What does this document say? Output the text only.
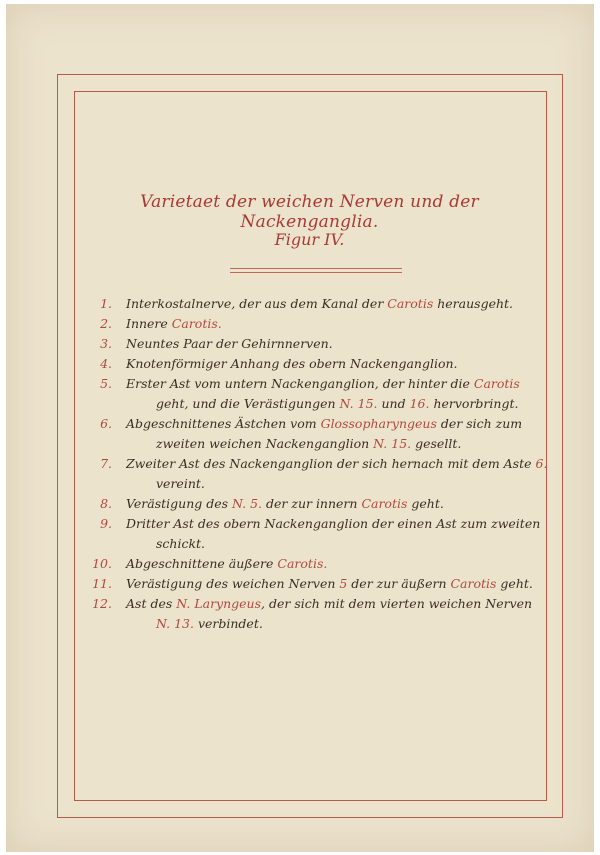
Varietaet der weichen Nerven und der Nackenganglia.
Figur IV.
1. Interkostalnerve, der aus dem Kanal der Carotis herausgeht.
2. Innere Carotis.
3. Neuntes Paar der Gehirnnerven.
4. Knotenförmiger Anhang des obern Nackenganglion.
5. Erster Ast vom untern Nackenganglion, der hinter die Carotis
geht, und die Verästigungen N. 15. und 16. hervorbringt.
6. Abgeschnittenes Ästchen vom Glossopharyngeus der sich zum
zweiten weichen Nackenganglion N. 15. gesellt.
7. Zweiter Ast des Nackenganglion der sich hernach mit dem Aste 6.
vereint.
8. Verästigung des N. 5. der zur innern Carotis geht.
9. Dritter Ast des obern Nackenganglion der einen Ast zum zweiten
schickt.
10. Abgeschnittene äußere Carotis.
11. Verästigung des weichen Nerven 5 der zur äußern Carotis geht.
12. Ast des N. Laryngeus, der sich mit dem vierten weichen Nerven
N. 13. verbindet.
